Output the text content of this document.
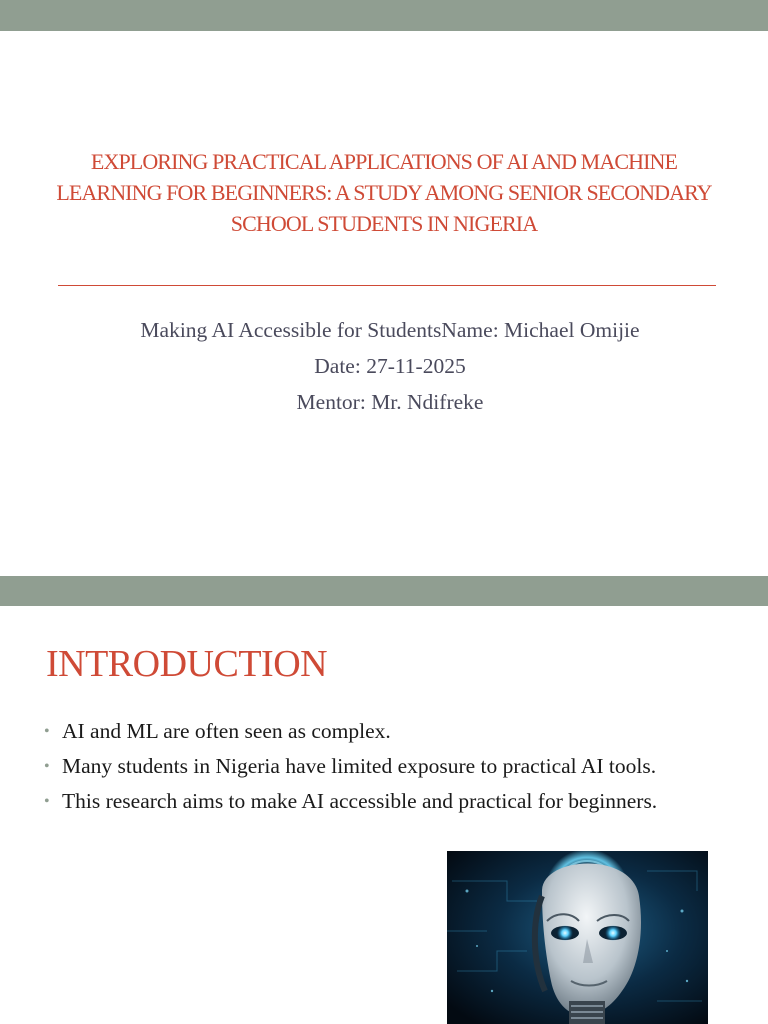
EXPLORING PRACTICAL APPLICATIONS OF AI AND MACHINE LEARNING FOR BEGINNERS: A STUDY AMONG SENIOR SECONDARY SCHOOL STUDENTS IN NIGERIA

Making AI Accessible for StudentsName: Michael Omijie

Date: 27-11-2025

Mentor: Mr. Ndifreke

INTRODUCTION
• AI and ML are often seen as complex.
• Many students in Nigeria have limited exposure to practical AI tools.
• This research aims to make AI accessible and practical for beginners.
